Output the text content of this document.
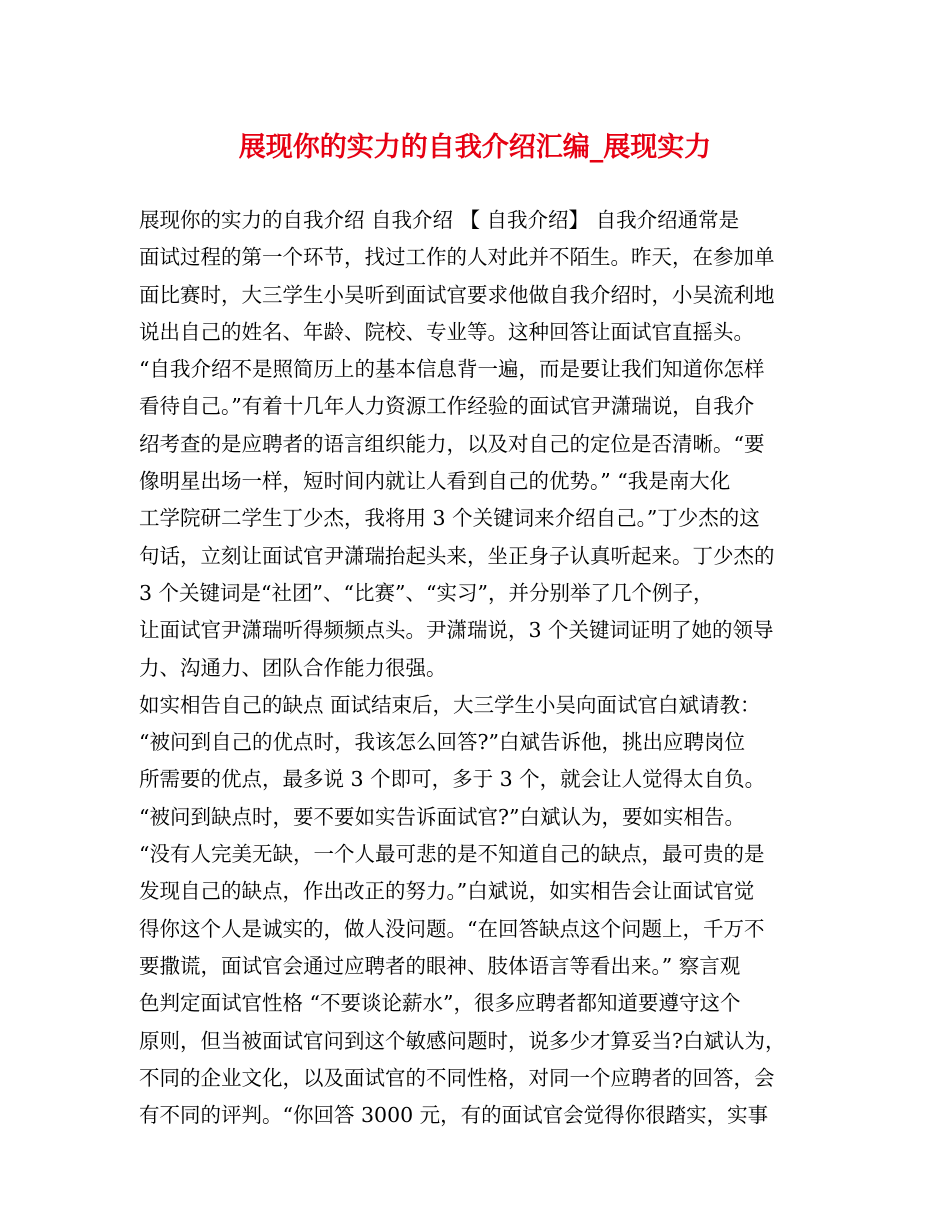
展现你的实力的自我介绍汇编_展现实力
展现你的实力的自我介绍 自我介绍 【 自我介绍】 自我介绍通常是
面试过程的第一个环节，找过工作的人对此并不陌生。昨天，在参加单
面比赛时，大三学生小吴听到面试官要求他做自我介绍时，小吴流利地
说出自己的姓名、年龄、院校、专业等。这种回答让面试官直摇头。
“自我介绍不是照简历上的基本信息背一遍，而是要让我们知道你怎样
看待自己。”有着十几年人力资源工作经验的面试官尹潇瑞说，自我介
绍考查的是应聘者的语言组织能力，以及对自己的定位是否清晰。“要
像明星出场一样，短时间内就让人看到自己的优势。” “我是南大化
工学院研二学生丁少杰，我将用 3 个关键词来介绍自己。”丁少杰的这
句话，立刻让面试官尹潇瑞抬起头来，坐正身子认真听起来。丁少杰的
3 个关键词是“社团”、“比赛”、“实习”，并分别举了几个例子，
让面试官尹潇瑞听得频频点头。尹潇瑞说，3 个关键词证明了她的领导
力、沟通力、团队合作能力很强。
如实相告自己的缺点 面试结束后，大三学生小吴向面试官白斌请教：
“被问到自己的优点时，我该怎么回答?”白斌告诉他，挑出应聘岗位
所需要的优点，最多说 3 个即可，多于 3 个，就会让人觉得太自负。
“被问到缺点时，要不要如实告诉面试官?”白斌认为，要如实相告。
“没有人完美无缺，一个人最可悲的是不知道自己的缺点，最可贵的是
发现自己的缺点，作出改正的努力。”白斌说，如实相告会让面试官觉
得你这个人是诚实的，做人没问题。“在回答缺点这个问题上，千万不
要撒谎，面试官会通过应聘者的眼神、肢体语言等看出来。” 察言观
色判定面试官性格 “不要谈论薪水”，很多应聘者都知道要遵守这个
原则，但当被面试官问到这个敏感问题时，说多少才算妥当?白斌认为，
不同的企业文化，以及面试官的不同性格，对同一个应聘者的回答，会
有不同的评判。“你回答 3000 元，有的面试官会觉得你很踏实，实事
